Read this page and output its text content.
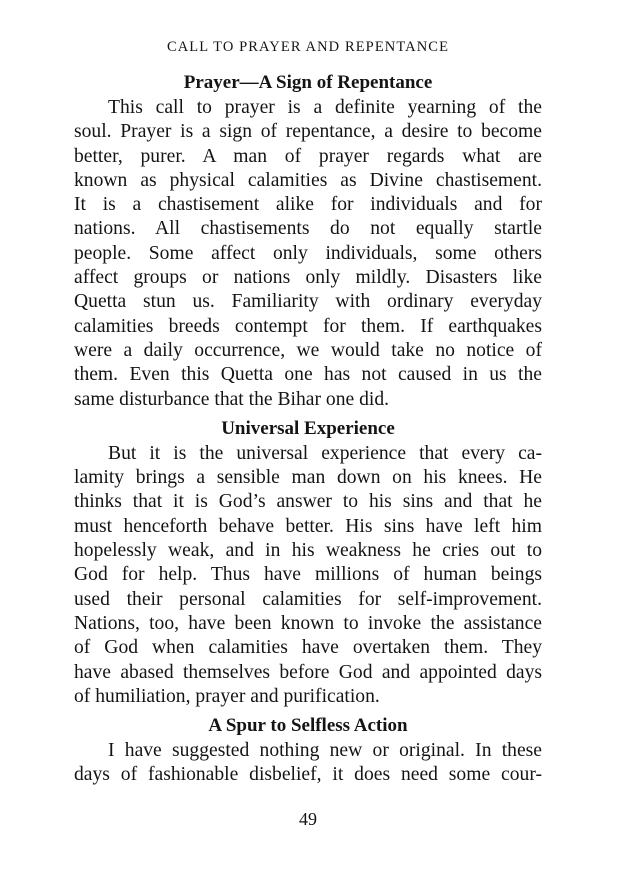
CALL TO PRAYER AND REPENTANCE
Prayer—A Sign of Repentance
This call to prayer is a definite yearning of the
soul. Prayer is a sign of repentance, a desire to become
better, purer. A man of prayer regards what are
known as physical calamities as Divine chastisement.
It is a chastisement alike for individuals and for
nations. All chastisements do not equally startle
people. Some affect only individuals, some others
affect groups or nations only mildly. Disasters like
Quetta stun us. Familiarity with ordinary everyday
calamities breeds contempt for them. If earthquakes
were a daily occurrence, we would take no notice of
them. Even this Quetta one has not caused in us the
same disturbance that the Bihar one did.
Universal Experience
But it is the universal experience that every ca-
lamity brings a sensible man down on his knees. He
thinks that it is God’s answer to his sins and that he
must henceforth behave better. His sins have left him
hopelessly weak, and in his weakness he cries out to
God for help. Thus have millions of human beings
used their personal calamities for self-improvement.
Nations, too, have been known to invoke the assistance
of God when calamities have overtaken them. They
have abased themselves before God and appointed days
of humiliation, prayer and purification.
A Spur to Selfless Action
I have suggested nothing new or original. In these
days of fashionable disbelief, it does need some cour-
49
